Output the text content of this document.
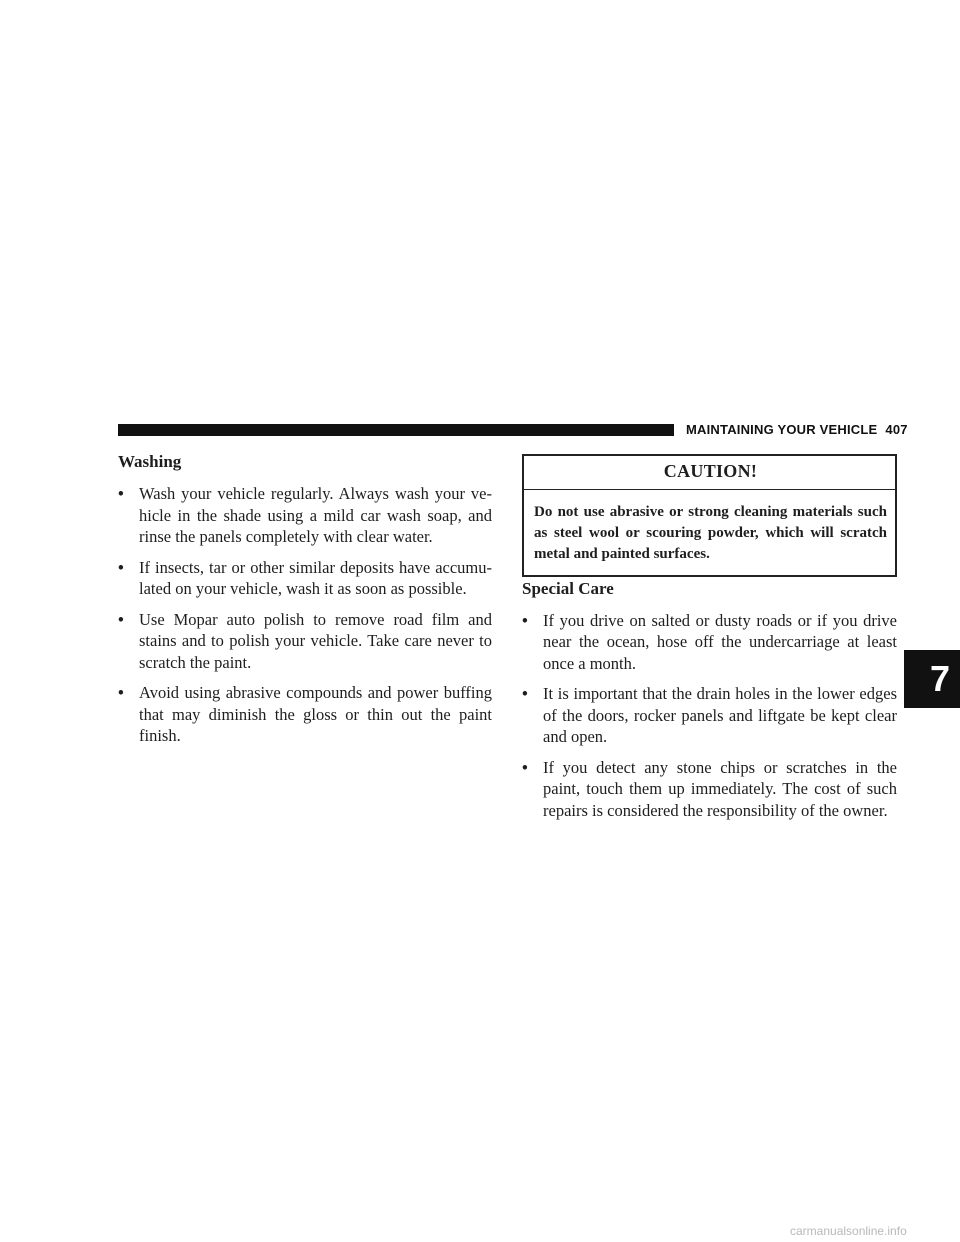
MAINTAINING YOUR VEHICLE 407
Washing
• Wash your vehicle regularly. Always wash your ve-hicle in the shade using a mild car wash soap, and rinse the panels completely with clear water.
• If insects, tar or other similar deposits have accumu-lated on your vehicle, wash it as soon as possible.
• Use Mopar auto polish to remove road film and stains and to polish your vehicle. Take care never to scratch the paint.
• Avoid using abrasive compounds and power buffing that may diminish the gloss or thin out the paint finish.
CAUTION!
Do not use abrasive or strong cleaning materials such as steel wool or scouring powder, which will scratch metal and painted surfaces.
Special Care
• If you drive on salted or dusty roads or if you drive near the ocean, hose off the undercarriage at least once a month.
• It is important that the drain holes in the lower edges of the doors, rocker panels and liftgate be kept clear and open.
• If you detect any stone chips or scratches in the paint, touch them up immediately. The cost of such repairs is considered the responsibility of the owner.
7
carmanualsonline.info
